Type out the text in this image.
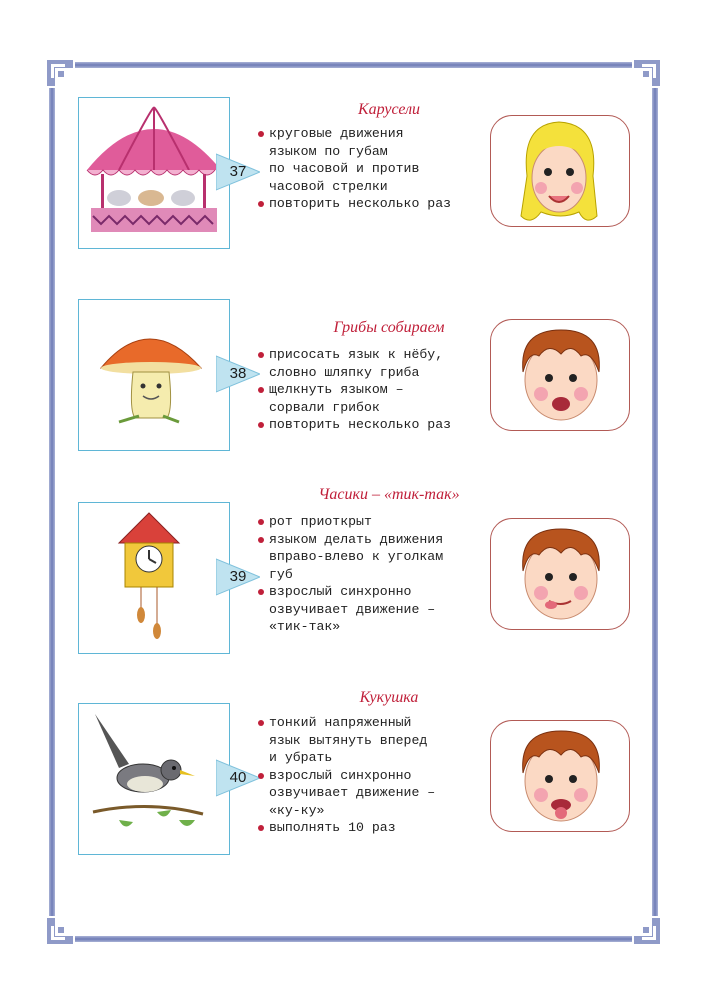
37
Карусели
круговые движения
языком по губам
по часовой и против
часовой стрелки
повторить несколько раз
38
Грибы собираем
присосать язык к нёбу,
словно шляпку гриба
щелкнуть языком –
сорвали грибок
повторить несколько раз
39
Часики – «тик-так»
рот приоткрыт
языком делать движения
вправо-влево к уголкам
губ
взрослый синхронно
озвучивает движение –
«тик-так»
40
Кукушка
тонкий напряженный
язык вытянуть вперед
и убрать
взрослый синхронно
озвучивает движение –
«ку-ку»
выполнять 10 раз
